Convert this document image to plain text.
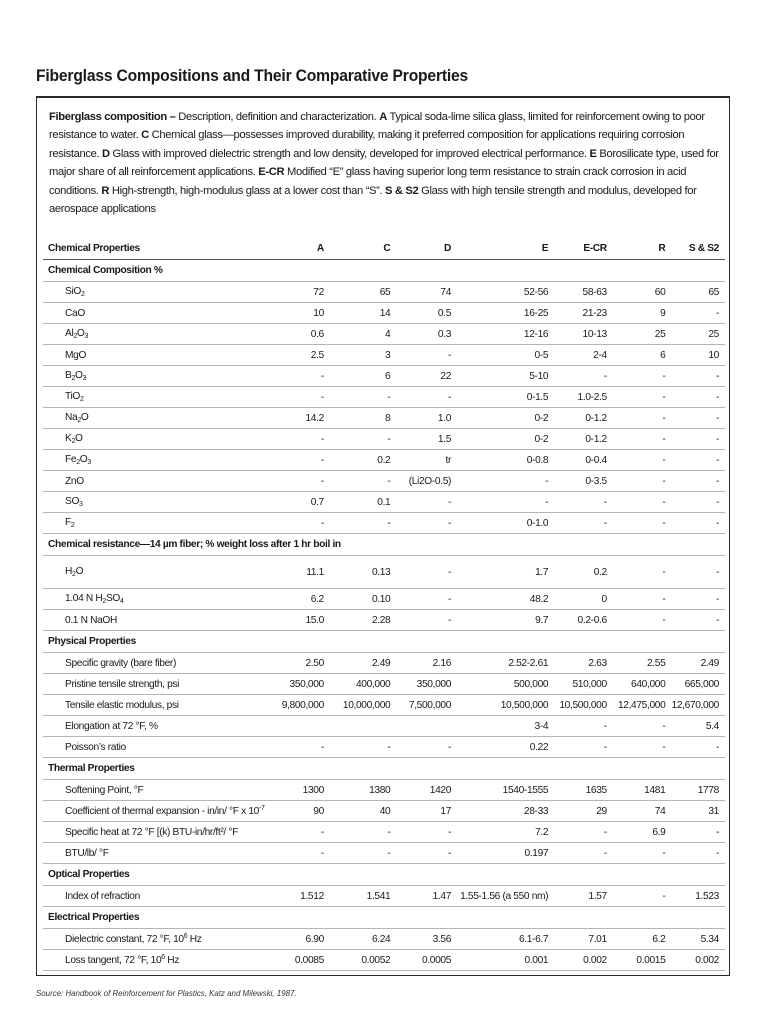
Fiberglass Compositions and Their Comparative Properties
Fiberglass composition – Description, definition and characterization. A Typical soda-lime silica glass, limited for reinforcement owing to poor resistance to water. C Chemical glass—possesses improved durability, making it preferred composition for applications requiring corrosion resistance. D Glass with improved dielectric strength and low density, developed for improved electrical performance. E Borosilicate type, used for major share of all reinforcement applications. E-CR Modified “E” glass having superior long term resistance to strain crack corrosion in acid conditions. R High-strength, high-modulus glass at a lower cost than “S”. S & S2 Glass with high tensile strength and modulus, developed for aerospace applications
Chemical Properties	A	C	D	E	E-CR	R	S & S2
Chemical Composition %							
SiO$_2$	72	65	74	52-56	58-63	60	65
CaO	10	14	0.5	16-25	21-23	9	-
$Al_2O_3$	0.6	4	0.3	12-16	10-13	25	25
MgO	2.5	3	-	0-5	2-4	6	10
$B_2O_3$	-	6	22	5-10	-	-	-
TiO$_2$	-	-	-	0-1.5	1.0-2.5	-	-
$Na_2O$	14.2	8	1.0	0-2	0-1.2	-	-
$K_2O$	-	-	1.5	0-2	0-1.2	-	-
$Fe_2O_3$	-	0.2	tr	0-0.8	0-0.4	-	-
ZnO	-	-	(Li2O-0.5)	-	0-3.5	-	-
$SO_3$	0.7	0.1	-	-	-	-	-
$F_2$	-	-	-	0-1.0	-	-	-
Chemical resistance—14 µm fiber; % weight loss after 1 hr boil in							
$H_2O$	11.1	0.13	-	1.7	0.2	-	-
1.04 N $H_2SO_4$	6.2	0.10	-	48.2	0	-	-
0.1 N NaOH	15.0	2.28	-	9.7	0.2-0.6	-	-
Physical Properties							
Specific gravity (bare fiber)	2.50	2.49	2.16	2.52-2.61	2.63	2.55	2.49
Pristine tensile strength, psi	350,000	400,000	350,000	500,000	510,000	640,000	665,000
Tensile elastic modulus, psi	9,800,000	10,000,000	7,500,000	10,500,000	10,500,000	12,475,000	12,670,000
Elongation at 72 °F, %				3-4	-	-	5.4
Poisson’s ratio	-	-	-	0.22	-	-	-
Thermal Properties							
Softening Point, °F	1300	1380	1420	1540-1555	1635	1481	1778
Coefficient of thermal expansion - in/in/ °F x $10^{-7}$	90	40	17	28-33	29	74	31
Specific heat at 72 °F [(k) BTU-in/hr/ft²/ °F	-	-	-	7.2	-	6.9	-
BTU/lb/ °F	-	-	-	0.197	-	-	-
Optical Properties							
Index of refraction	1.512	1.541	1.47	1.55-1.56 (a 550 nm)	1.57	-	1.523
Electrical Properties							
Dielectric constant, 72 °F, $10^6$ Hz	6.90	6.24	3.56	6.1-6.7	7.01	6.2	5.34
Loss tangent, 72 °F, $10^6$ Hz	0.0085	0.0052	0.0005	0.001	0.002	0.0015	0.002
Source: Handbook of Reinforcement for Plastics, Katz and Milewski, 1987.
